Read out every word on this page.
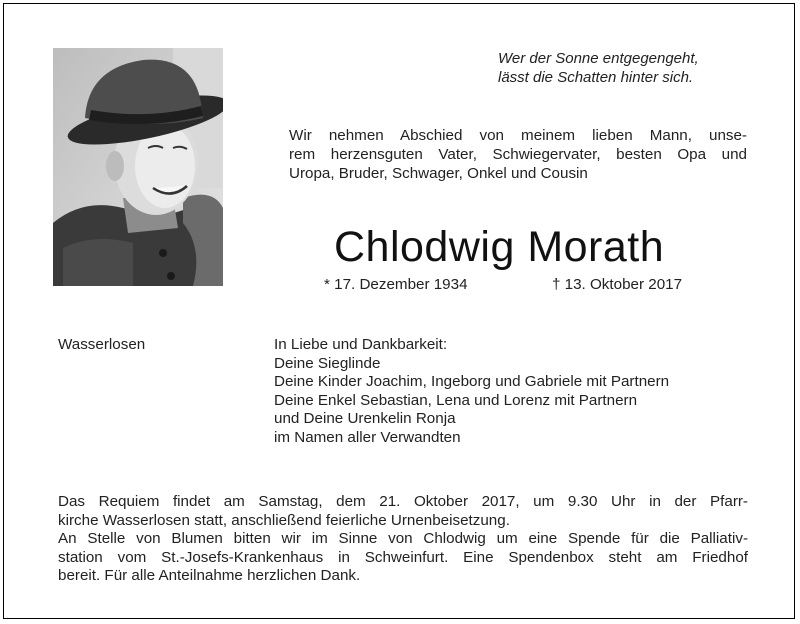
Wer der Sonne entgegengeht,
lässt die Schatten hinter sich.
Wir nehmen Abschied von meinem lieben Mann, unse-
rem herzensguten Vater, Schwiegervater, besten Opa und
Uropa, Bruder, Schwager, Onkel und Cousin
Chlodwig Morath
* 17. Dezember 1934	† 13. Oktober 2017
Wasserlosen	In Liebe und Dankbarkeit:
Deine Sieglinde
Deine Kinder Joachim, Ingeborg und Gabriele mit Partnern
Deine Enkel Sebastian, Lena und Lorenz mit Partnern
und Deine Urenkelin Ronja
im Namen aller Verwandten
Das Requiem findet am Samstag, dem 21. Oktober 2017, um 9.30 Uhr in der Pfarr-
kirche Wasserlosen statt, anschließend feierliche Urnenbeisetzung.
An Stelle von Blumen bitten wir im Sinne von Chlodwig um eine Spende für die Palliativ-
station vom St.-Josefs-Krankenhaus in Schweinfurt. Eine Spendenbox steht am Friedhof
bereit. Für alle Anteilnahme herzlichen Dank.
